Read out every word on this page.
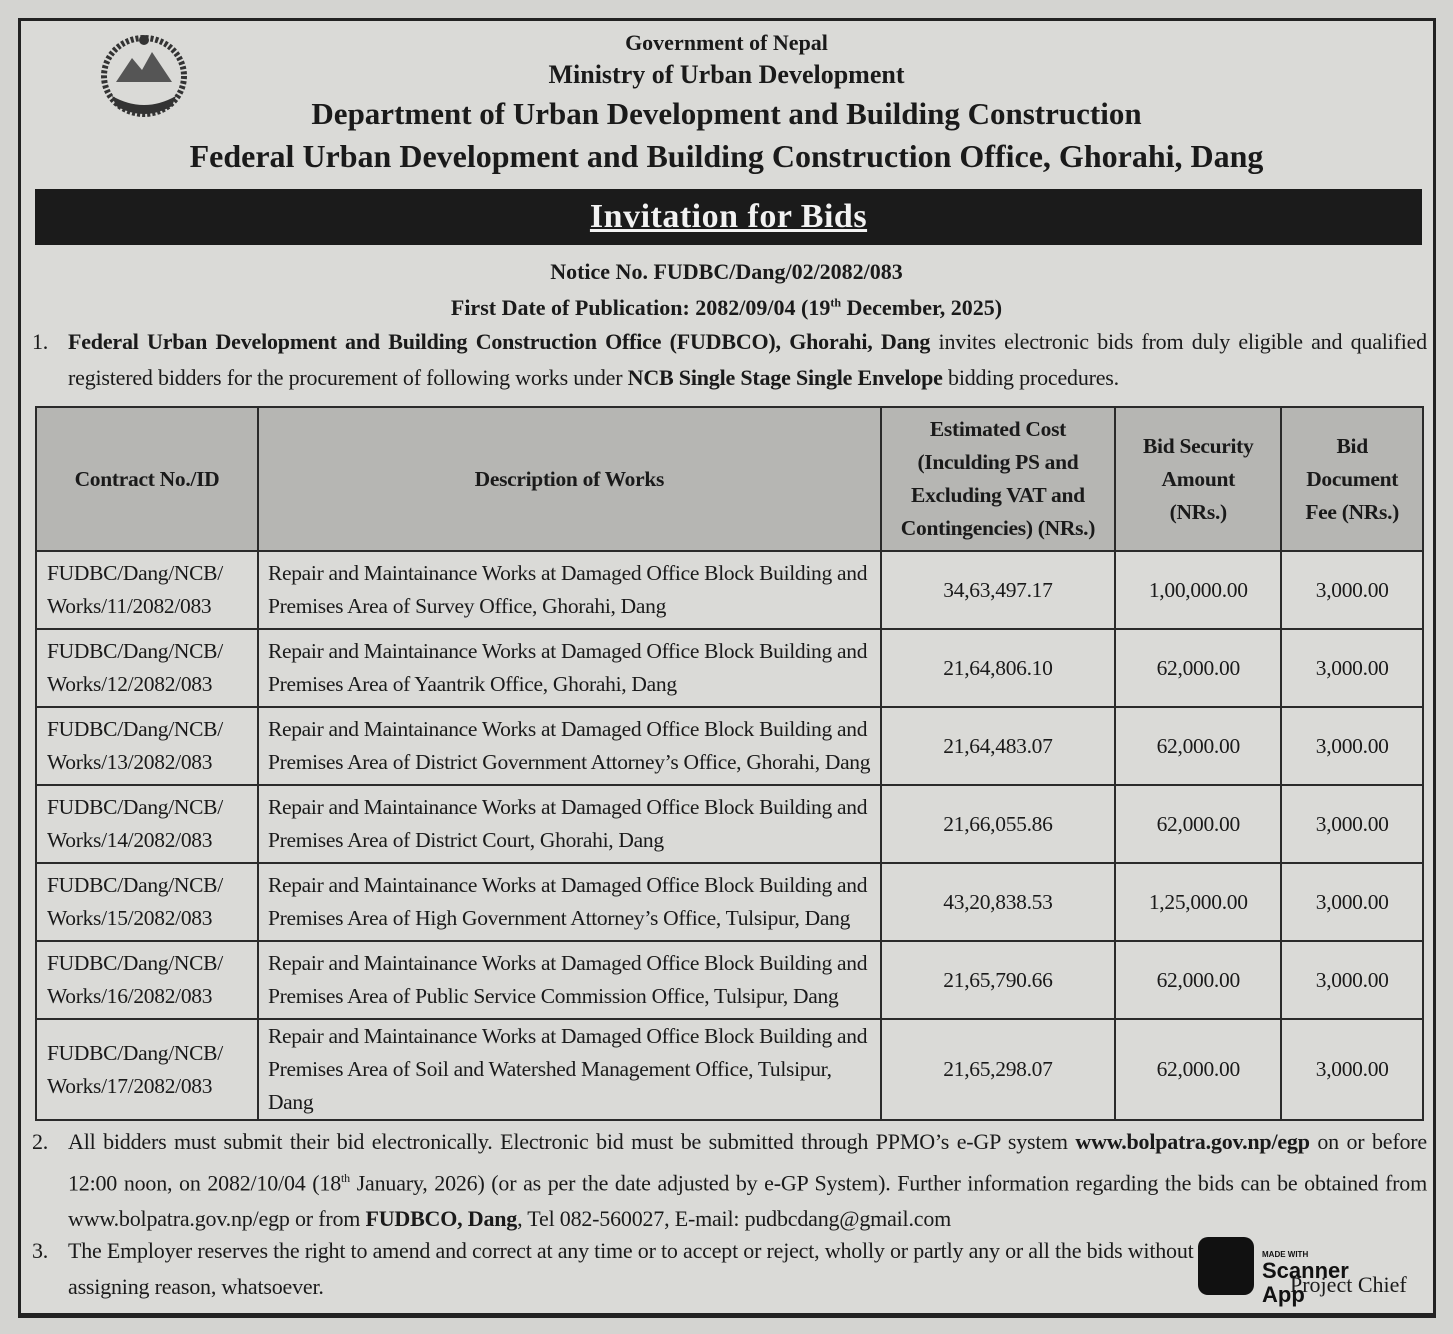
Government of Nepal
Ministry of Urban Development
Department of Urban Development and Building Construction
Federal Urban Development and Building Construction Office, Ghorahi, Dang
Invitation for Bids
Notice No. FUDBC/Dang/02/2082/083
First Date of Publication: 2082/09/04 (19th December, 2025)
1. Federal Urban Development and Building Construction Office (FUDBCO), Ghorahi, Dang invites electronic bids from duly eligible and qualified registered bidders for the procurement of following works under NCB Single Stage Single Envelope bidding procedures.
Contract No./ID	Description of Works	Estimated Cost (Inculding PS and Excluding VAT and Contingencies) (NRs.)	Bid Security Amount (NRs.)	Bid Document Fee (NRs.)
FUDBC/Dang/NCB/ Works/11/2082/083	Repair and Maintainance Works at Damaged Office Block Building and Premises Area of Survey Office, Ghorahi, Dang	34,63,497.17	1,00,000.00	3,000.00
FUDBC/Dang/NCB/ Works/12/2082/083	Repair and Maintainance Works at Damaged Office Block Building and Premises Area of Yaantrik Office, Ghorahi, Dang	21,64,806.10	62,000.00	3,000.00
FUDBC/Dang/NCB/ Works/13/2082/083	Repair and Maintainance Works at Damaged Office Block Building and Premises Area of District Government Attorney’s Office, Ghorahi, Dang	21,64,483.07	62,000.00	3,000.00
FUDBC/Dang/NCB/ Works/14/2082/083	Repair and Maintainance Works at Damaged Office Block Building and Premises Area of District Court, Ghorahi, Dang	21,66,055.86	62,000.00	3,000.00
FUDBC/Dang/NCB/ Works/15/2082/083	Repair and Maintainance Works at Damaged Office Block Building and Premises Area of High Government Attorney’s Office, Tulsipur, Dang	43,20,838.53	1,25,000.00	3,000.00
FUDBC/Dang/NCB/ Works/16/2082/083	Repair and Maintainance Works at Damaged Office Block Building and Premises Area of Public Service Commission Office, Tulsipur, Dang	21,65,790.66	62,000.00	3,000.00
FUDBC/Dang/NCB/ Works/17/2082/083	Repair and Maintainance Works at Damaged Office Block Building and Premises Area of Soil and Watershed Management Office, Tulsipur, Dang	21,65,298.07	62,000.00	3,000.00
2. All bidders must submit their bid electronically. Electronic bid must be submitted through PPMO’s e-GP system www.bolpatra.gov.np/egp on or before 12:00 noon, on 2082/10/04 (18th January, 2026) (or as per the date adjusted by e-GP System). Further information regarding the bids can be obtained from www.bolpatra.gov.np/egp or from FUDBCO, Dang, Tel 082-560027, E-mail: pudbcdang@gmail.com
3. The Employer reserves the right to amend and correct at any time or to accept or reject, wholly or partly any or all the bids without assigning reason, whatsoever.	Project Chief
MADE WITH
Scanner
App
